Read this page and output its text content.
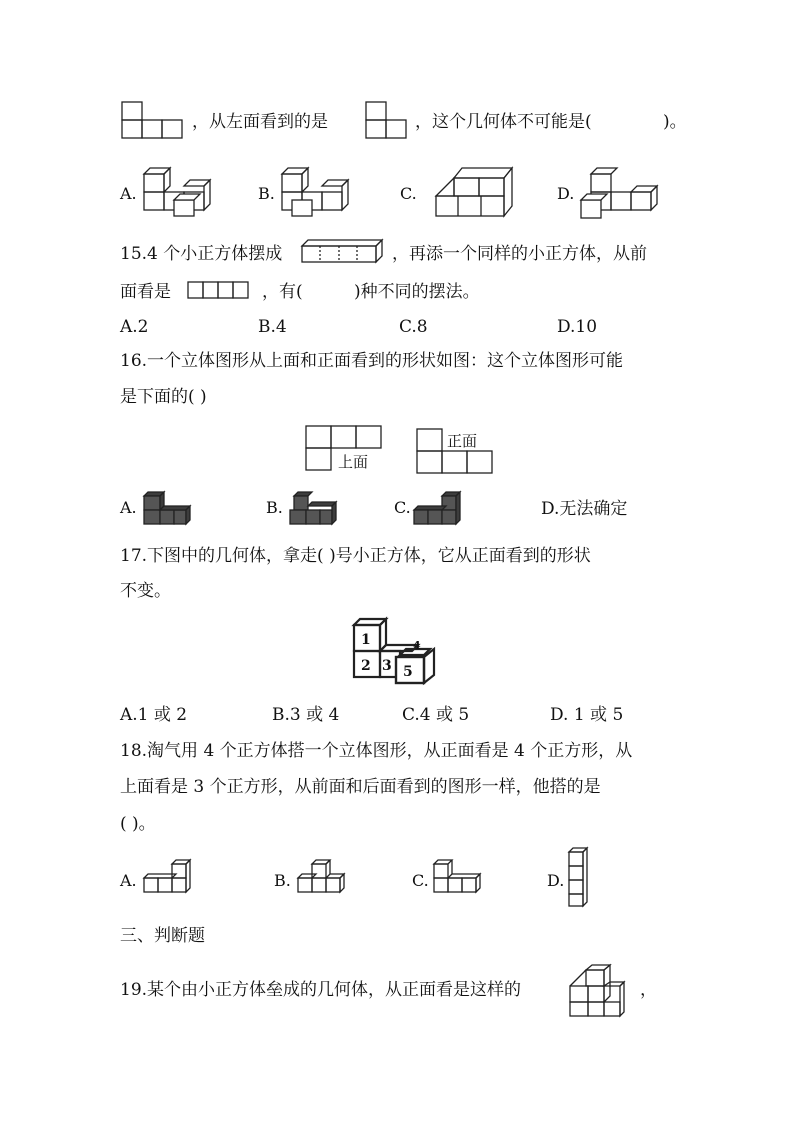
，从左面看到的是	，这个几何体不可能是(	)。
A.	B.	C.	D.
15.4 个小正方体摆成	，再添一个同样的小正方体，从前
面看是	，有(	)种不同的摆法。
A.2	B.4	C.8	D.10
16.一个立体图形从上面和正面看到的形状如图：这个立体图形可能
是下面的( )
上面
正面
A.	B.	C.	D.无法确定
17.下图中的几何体，拿走( )号小正方体，它从正面看到的形状
不变。
1
2 3
4
5
A.1 或 2	B.3 或 4	C.4 或 5	D. 1 或 5
18.淘气用 4 个正方体搭一个立体图形，从正面看是 4 个正方形，从
上面看是 3 个正方形，从前面和后面看到的图形一样，他搭的是
( )。
A.	B.	C.	D.
三、判断题
19.某个由小正方体垒成的几何体，从正面看是这样的	，
